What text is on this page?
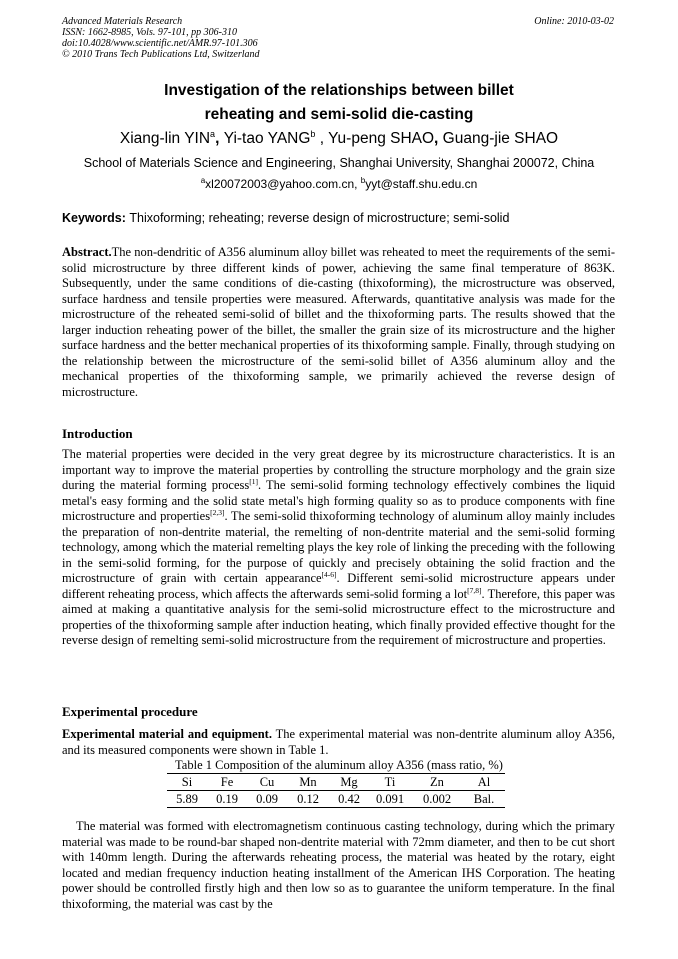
Advanced Materials Research
ISSN: 1662-8985, Vols. 97-101, pp 306-310
doi:10.4028/www.scientific.net/AMR.97-101.306
© 2010 Trans Tech Publications Ltd, Switzerland
Online: 2010-03-02
Investigation of the relationships between billet
reheating and semi-solid die-casting
Xiang-lin YIN$^a$, Yi-tao YANG$^b$ , Yu-peng SHAO, Guang-jie SHAO
School of Materials Science and Engineering, Shanghai University, Shanghai 200072, China
$^a$xl20072003@yahoo.com.cn, $^b$yyt@staff.shu.edu.cn
Keywords: Thixoforming; reheating; reverse design of microstructure; semi-solid
Abstract.The non-dendritic of A356 aluminum alloy billet was reheated to meet the requirements of the semi-solid microstructure by three different kinds of power, achieving the same final temperature of 863K. Subsequently, under the same conditions of die-casting (thixoforming), the microstructure was observed, surface hardness and tensile properties were measured. Afterwards, quantitative analysis was made for the microstructure of the reheated semi-solid of billet and the thixoforming parts. The results showed that the larger induction reheating power of the billet, the smaller the grain size of its microstructure and the higher surface hardness and the better mechanical properties of its thixoforming sample. Finally, through studying on the relationship between the microstructure of the semi-solid billet of A356 aluminum alloy and the mechanical properties of the thixoforming sample, we primarily achieved the reverse design of microstructure.
Introduction
The material properties were decided in the very great degree by its microstructure characteristics. It is an important way to improve the material properties by controlling the structure morphology and the grain size during the material forming process[1]. The semi-solid forming technology effectively combines the liquid metal's easy forming and the solid state metal's high forming quality so as to produce components with fine microstructure and properties[2,3]. The semi-solid thixoforming technology of aluminum alloy mainly includes the preparation of non-dentrite material, the remelting of non-dentrite material and the semi-solid forming technology, among which the material remelting plays the key role of linking the preceding with the following in the semi-solid forming, for the purpose of quickly and precisely obtaining the solid fraction and the microstructure of grain with certain appearance[4-6]. Different semi-solid microstructure appears under different reheating process, which affects the afterwards semi-solid forming a lot[7,8]. Therefore, this paper was aimed at making a quantitative analysis for the semi-solid microstructure effect to the microstructure and properties of the thixoforming sample after induction heating, which finally provided effective thought for the reverse design of remelting semi-solid microstructure from the requirement of microstructure and properties.
Experimental procedure
Experimental material and equipment. The experimental material was non-dentrite aluminum alloy A356, and its measured components were shown in Table 1.
Table 1 Composition of the aluminum alloy A356 (mass ratio, %)
Si	Fe	Cu	Mn	Mg	Ti	Zn	Al
5.89	0.19	0.09	0.12	0.42	0.091	0.002	Bal.
The material was formed with electromagnetism continuous casting technology, during which the primary material was made to be round-bar shaped non-dentrite material with 72mm diameter, and then to be cut short with 140mm length. During the afterwards reheating process, the material was heated by the rotary, eight located and median frequency induction heating installment of the American IHS Corporation. The heating power should be controlled firstly high and then low so as to guarantee the uniform temperature. In the final thixoforming, the material was cast by the
